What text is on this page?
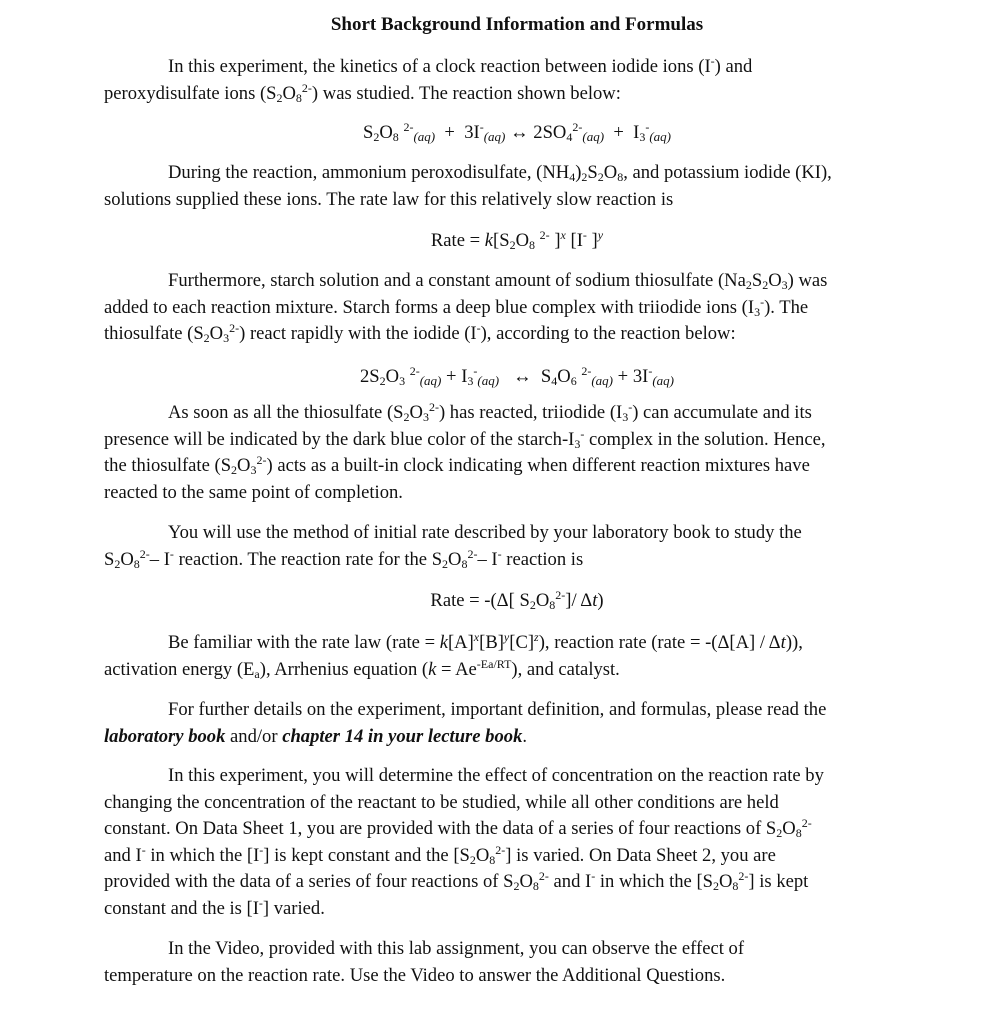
Short Background Information and Formulas
In this experiment, the kinetics of a clock reaction between iodide ions (I-) and
peroxydisulfate ions $(S_2O_8^{2-})$ was studied. The reaction shown below:
$S_2O_8$ $^{2-}$(aq) + 3I-(aq) ↔ $2SO_4^{2-}(aq) + I_3^-(aq)$
During the reaction, ammonium peroxodisulfate, $(NH_4)_2S_2O_8$, and potassium iodide (KI),
solutions supplied these ions. The rate law for this relatively slow reaction is
Rate = $k[S_2O_8$ $^{2-}$ ]$^x$ [I- ]$^y$
Furthermore, starch solution and a constant amount of sodium thiosulfate $(Na_2S_2O_3)$ was
added to each reaction mixture. Starch forms a deep blue complex with triiodide ions $(I_3^-)$. The
thiosulfate $(S_2O_3^{2-})$ react rapidly with the iodide (I-), according to the reaction below:
$2S_2O_3$ $^{2-}(aq) + I_3^-(aq)$ ↔ $S_4O_6$ $^{2-}$(aq) + 3I-(aq)
As soon as all the thiosulfate $(S_2O_3^{2-})$ has reacted, triiodide $(I_3^-)$ can accumulate and its
presence will be indicated by the dark blue color of the starch-$I_3^-$ complex in the solution. Hence,
the thiosulfate $(S_2O_3^{2-})$ acts as a built-in clock indicating when different reaction mixtures have
reacted to the same point of completion.
You will use the method of initial rate described by your laboratory book to study the
$S_2O_8^{2-}-$ I- reaction. The reaction rate for the $S_2O_8^{2-}-$ I- reaction is
Rate = -(Δ[ $S_2O_8^{2-}]/$ Δt)
Be familiar with the rate law (rate = $k[A]^x[B]^y[C]^z$), reaction rate (rate = -(Δ[A] / Δt)),
activation energy $(E_a)$, Arrhenius equation $(k = Ae^{-Ea/RT})$, and catalyst.
For further details on the experiment, important definition, and formulas, please read the
laboratory book and/or chapter 14 in your lecture book.
In this experiment, you will determine the effect of concentration on the reaction rate by
changing the concentration of the reactant to be studied, while all other conditions are held
constant. On Data Sheet 1, you are provided with the data of a series of four reactions of $S_2O_8^{2-}$
and I- in which the [I-] is kept constant and the $[S_2O_8^{2-}]$ is varied. On Data Sheet 2, you are
provided with the data of a series of four reactions of $S_2O_8^{2-}$ and I- in which the $[S_2O_8^{2-}]$ is kept
constant and the is [I-] varied.
In the Video, provided with this lab assignment, you can observe the effect of
temperature on the reaction rate. Use the Video to answer the Additional Questions.
